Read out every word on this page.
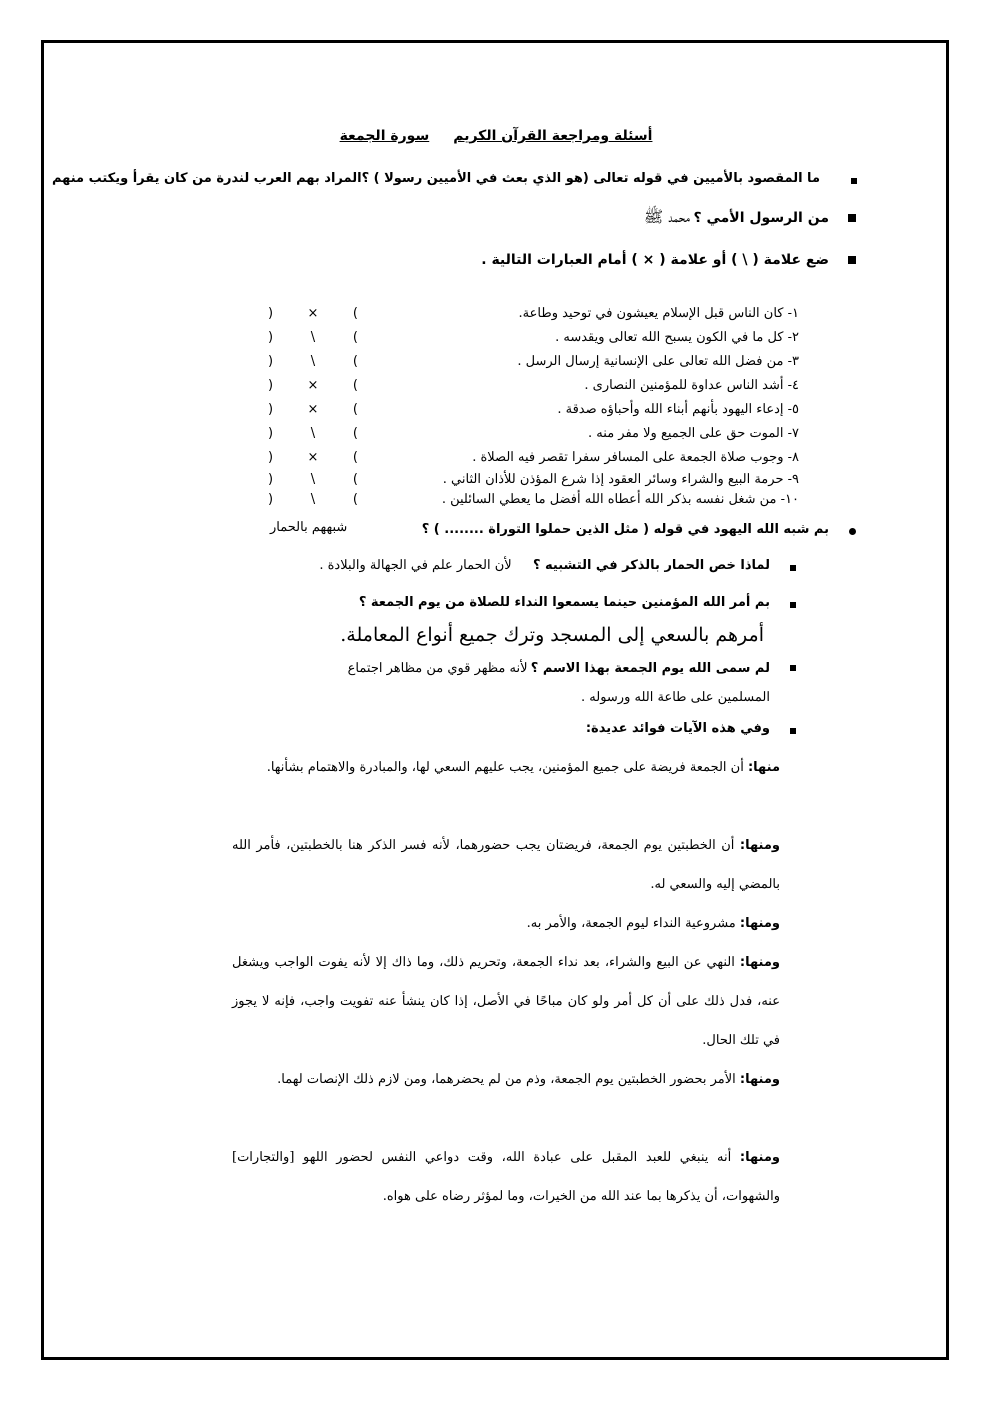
أسئلة ومراجعة القرآن الكريمسورة الجمعة
ما المقصود بالأميين في قوله تعالى (هو الذي بعث في الأميين رسولا ) ؟المراد بهم العرب لندرة من كان يقرأ ويكتب منهم
من الرسول الأمي ؟ محمد ﷺ
ضع علامة ( \ ) أو علامة ( × ) أمام العبارات التالية .
١- كان الناس قبل الإسلام يعيشون في توحيد وطاعة.
)	×	(
٢- كل ما في الكون يسبح الله تعالى ويقدسه .
)	\	(
٣- من فضل الله تعالى على الإنسانية إرسال الرسل .
)	\	(
٤- أشد الناس عداوة للمؤمنين النصارى .
)	×	(
٥- إدعاء اليهود بأنهم أبناء الله وأحباؤه صدقة .
)	×	(
٧- الموت حق على الجميع ولا مفر منه .
)	\	(
٨- وجوب صلاة الجمعة على المسافر سفرا تقصر فيه الصلاة .
)	×	(
٩- حرمة البيع والشراء وسائر العقود إذا شرع المؤذن للأذان الثاني .
)	\	(
١٠- من شغل نفسه بذكر الله أعطاه الله أفضل ما يعطي السائلين .
)	\	(
بم شبه الله اليهود في قوله ( مثل الذين حملوا التوراة ........ ) ؟
شبههم بالحمار
لماذا خص الحمار بالذكر في التشبيه ؟ لأن الحمار علم في الجهالة والبلادة .
بم أمر الله المؤمنين حينما يسمعوا النداء للصلاة من يوم الجمعة ؟
أمرهم بالسعي إلى المسجد وترك جميع أنواع المعاملة.
لم سمى الله يوم الجمعة بهذا الاسم ؟ لأنه مظهر قوي من مظاهر اجتماع
المسلمين على طاعة الله ورسوله .
وفي هذه الآيات فوائد عديدة:
منها: أن الجمعة فريضة على جميع المؤمنين، يجب عليهم السعي لها، والمبادرة والاهتمام بشأنها.
ومنها: أن الخطبتين يوم الجمعة، فريضتان يجب حضورهما، لأنه فسر الذكر هنا بالخطبتين، فأمر الله بالمضي إليه والسعي له.
ومنها: مشروعية النداء ليوم الجمعة، والأمر به.
ومنها: النهي عن البيع والشراء، بعد نداء الجمعة، وتحريم ذلك، وما ذاك إلا لأنه يفوت الواجب ويشغل عنه، فدل ذلك على أن كل أمر ولو كان مباحًا في الأصل، إذا كان ينشأ عنه تفويت واجب، فإنه لا يجوز في تلك الحال.
ومنها: الأمر بحضور الخطبتين يوم الجمعة، وذم من لم يحضرهما، ومن لازم ذلك الإنصات لهما.
ومنها: أنه ينبغي للعبد المقبل على عبادة الله، وقت دواعي النفس لحضور اللهو [والتجارات] والشهوات، أن يذكرها بما عند الله من الخيرات، وما لمؤثر رضاه على هواه.
